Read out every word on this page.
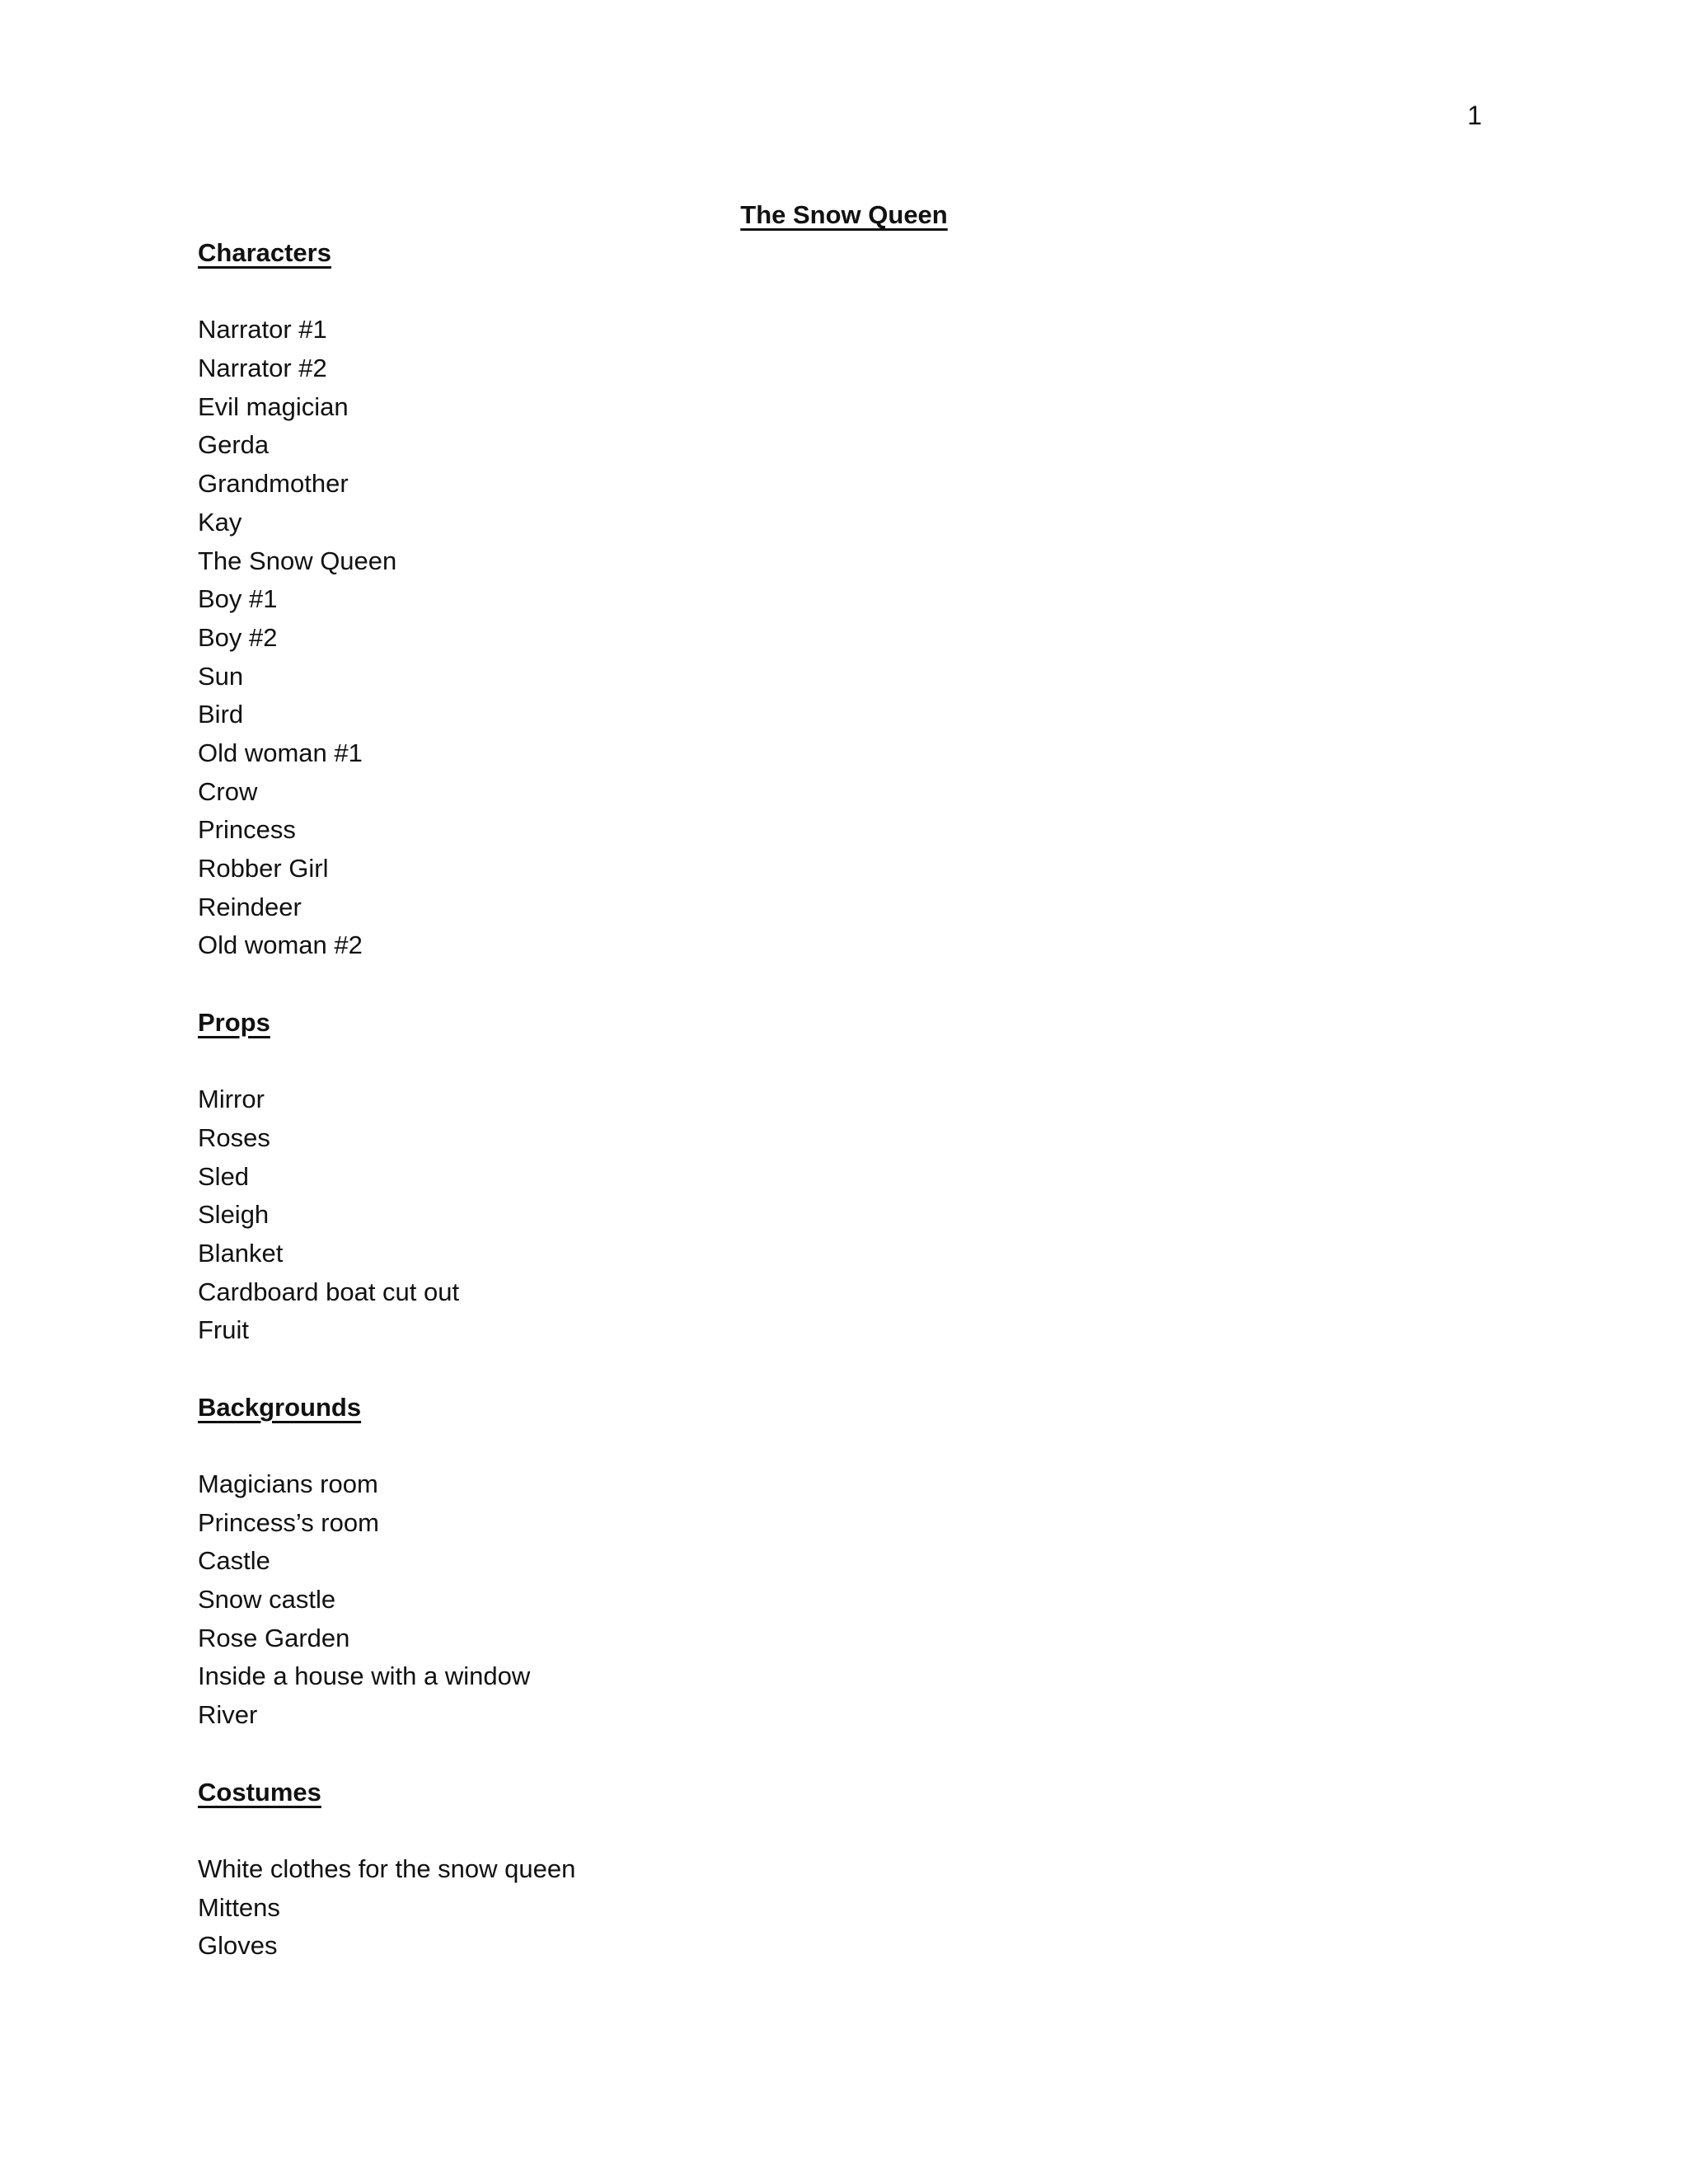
1
The Snow Queen
Characters
Narrator #1
Narrator #2
Evil magician
Gerda
Grandmother
Kay
The Snow Queen
Boy #1
Boy #2
Sun
Bird
Old woman #1
Crow
Princess
Robber Girl
Reindeer
Old woman #2
Props
Mirror
Roses
Sled
Sleigh
Blanket
Cardboard boat cut out
Fruit
Backgrounds
Magicians room
Princess’s room
Castle
Snow castle
Rose Garden
Inside a house with a window
River
Costumes
White clothes for the snow queen
Mittens
Gloves
